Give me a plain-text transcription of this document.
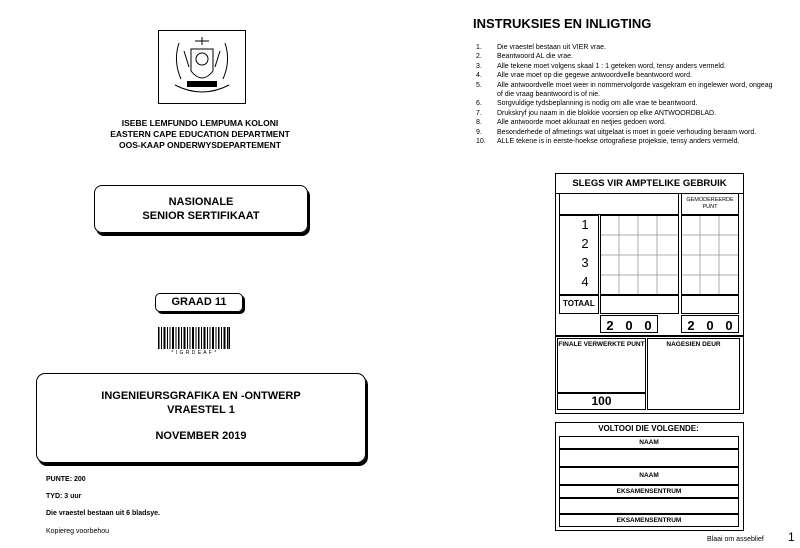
ISEBE LEMFUNDO LEMPUMA KOLONI
EASTERN CAPE EDUCATION DEPARTMENT
OOS-KAAP ONDERWYSDEPARTEMENT
NASIONALE
SENIOR SERTIFIKAAT
GRAAD 11
* I G R D E A F *
INGENIEURSGRAFIKA EN -ONTWERP
VRAESTEL 1
NOVEMBER 2019
PUNTE: 200
TYD: 3 uur
Die vraestel bestaan uit 6 bladsye.
Kopiereg voorbehou
INSTRUKSIES EN INLIGTING
1.	Die vraestel bestaan uit VIER vrae.
2.	Beantwoord AL die vrae.
3.	Alle tekene moet volgens skaal 1 : 1 geteken word, tensy anders vermeld.
4.	Alle vrae moet op die gegewe antwoordvelle beantwoord word.
5.	Alle antwoordvelle moet weer in nommervolgorde vasgekram en ingelewer word, ongeag of die vraag beantwoord is of nie.
6.	Sorgvuldige tydsbeplanning is nodig om alle vrae te beantwoord.
7.	Drukskryf jou naam in die blokkie voorsien op elke ANTWOORDBLAD.
8.	Alle antwoorde moet akkuraat en netjies gedoen word.
9.	Besonderhede of afmetings wat uitgelaat is moet in goeie verhouding beraam word.
10.	ALLE tekene is in eerste-hoekse ortografiese projeksie, tensy anders vermeld.
SLEGS VIR AMPTELIKE GEBRUIK
GEMODEREERDE PUNT
1
2
3
4
TOTAAL
2 0 0	2 0 0
FINALE VERWERKTE PUNT	NAGESIEN DEUR
100
VOLTOOI DIE VOLGENDE:
NAAM
NAAM
EKSAMENSENTRUM
EKSAMENSENTRUM
Blaai om asseblief 1
